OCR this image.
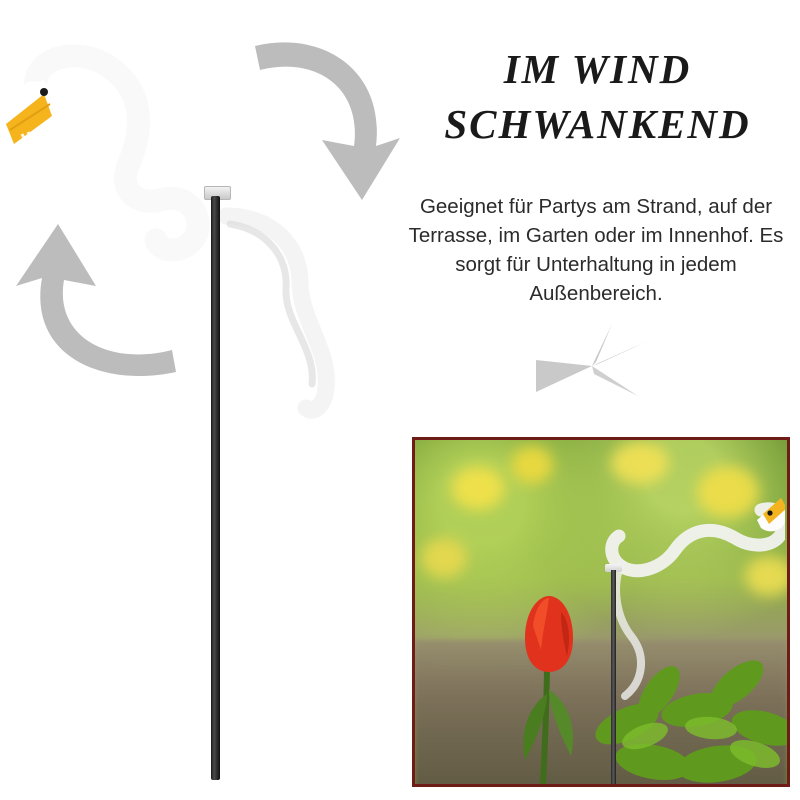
IM WIND
SCHWANKEND
Geeignet für Partys am Strand, auf der Terrasse, im Garten oder im Innenhof. Es sorgt für Unterhaltung in jedem Außenbereich.
